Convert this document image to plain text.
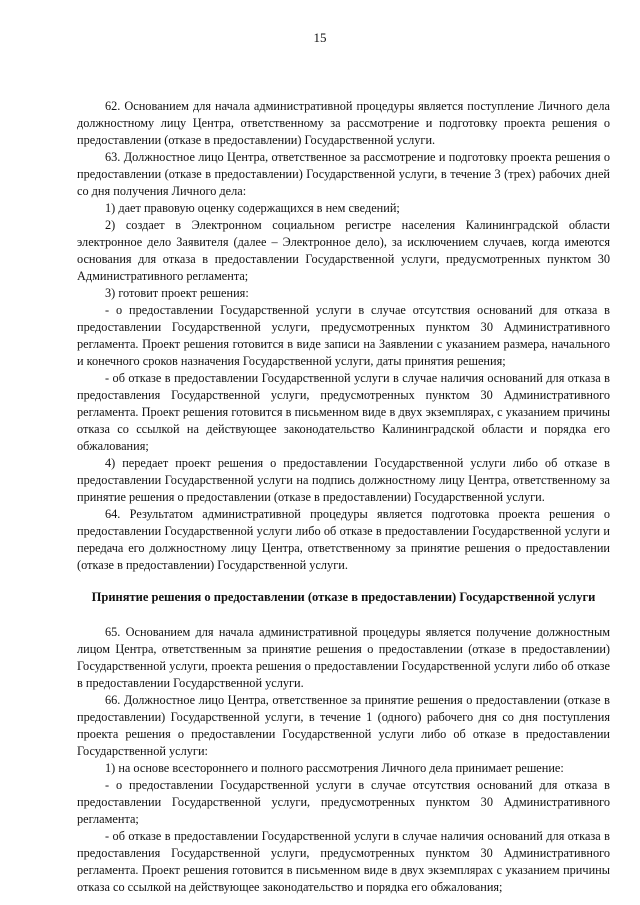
15

62. Основанием для начала административной процедуры является поступление Личного дела должностному лицу Центра, ответственному за рассмотрение и подготовку проекта решения о предоставлении (отказе в предоставлении) Государственной услуги.

63. Должностное лицо Центра, ответственное за рассмотрение и подготовку проекта решения о предоставлении (отказе в предоставлении) Государственной услуги, в течение 3 (трех) рабочих дней со дня получения Личного дела:

1) дает правовую оценку содержащихся в нем сведений;

2) создает в Электронном социальном регистре населения Калининградской области электронное дело Заявителя (далее – Электронное дело), за исключением случаев, когда имеются основания для отказа в предоставлении Государственной услуги, предусмотренных пунктом 30 Административного регламента;

3) готовит проект решения:

- о предоставлении Государственной услуги в случае отсутствия оснований для отказа в предоставлении Государственной услуги, предусмотренных пунктом 30 Административного регламента. Проект решения готовится в виде записи на Заявлении с указанием размера, начального и конечного сроков назначения Государственной услуги, даты принятия решения;

- об отказе в предоставлении Государственной услуги в случае наличия оснований для отказа в предоставления Государственной услуги, предусмотренных пунктом 30 Административного регламента. Проект решения готовится в письменном виде в двух экземплярах, с указанием причины отказа со ссылкой на действующее законодательство Калининградской области и порядка его обжалования;

4) передает проект решения о предоставлении Государственной услуги либо об отказе в предоставлении Государственной услуги на подпись должностному лицу Центра, ответственному за принятие решения о предоставлении (отказе в предоставлении) Государственной услуги.

64. Результатом административной процедуры является подготовка проекта решения о предоставлении Государственной услуги либо об отказе в предоставлении Государственной услуги и передача его должностному лицу Центра, ответственному за принятие решения о предоставлении (отказе в предоставлении) Государственной услуги.

Принятие решения о предоставлении (отказе в предоставлении) Государственной услуги

65. Основанием для начала административной процедуры является получение должностным лицом Центра, ответственным за принятие решения о предоставлении (отказе в предоставлении) Государственной услуги, проекта решения о предоставлении Государственной услуги либо об отказе в предоставлении Государственной услуги.

66. Должностное лицо Центра, ответственное за принятие решения о предоставлении (отказе в предоставлении) Государственной услуги, в течение 1 (одного) рабочего дня со дня поступления проекта решения о предоставлении Государственной услуги либо об отказе в предоставлении Государственной услуги:

1) на основе всестороннего и полного рассмотрения Личного дела принимает решение:

- о предоставлении Государственной услуги в случае отсутствия оснований для отказа в предоставлении Государственной услуги, предусмотренных пунктом 30 Административного регламента;

- об отказе в предоставлении Государственной услуги в случае наличия оснований для отказа в предоставления Государственной услуги, предусмотренных пунктом 30 Административного регламента. Проект решения готовится в письменном виде в двух экземплярах с указанием причины отказа со ссылкой на действующее законодательство и порядка его обжалования;
